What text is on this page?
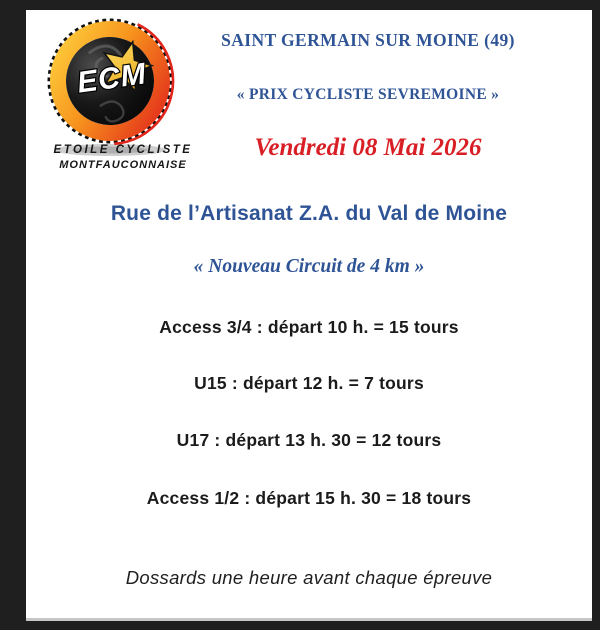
ECM
ETOILE CYCLISTE
MONTFAUCONNAISE
SAINT GERMAIN SUR MOINE (49)
« PRIX CYCLISTE SEVREMOINE »
Vendredi 08 Mai 2026
Rue de l’Artisanat Z.A. du Val de Moine
« Nouveau Circuit de 4 km »
Access 3/4 : départ 10 h. = 15 tours
U15 : départ 12 h. = 7 tours
U17 : départ 13 h. 30 = 12 tours
Access 1/2 : départ 15 h. 30 = 18 tours
Dossards une heure avant chaque épreuve
